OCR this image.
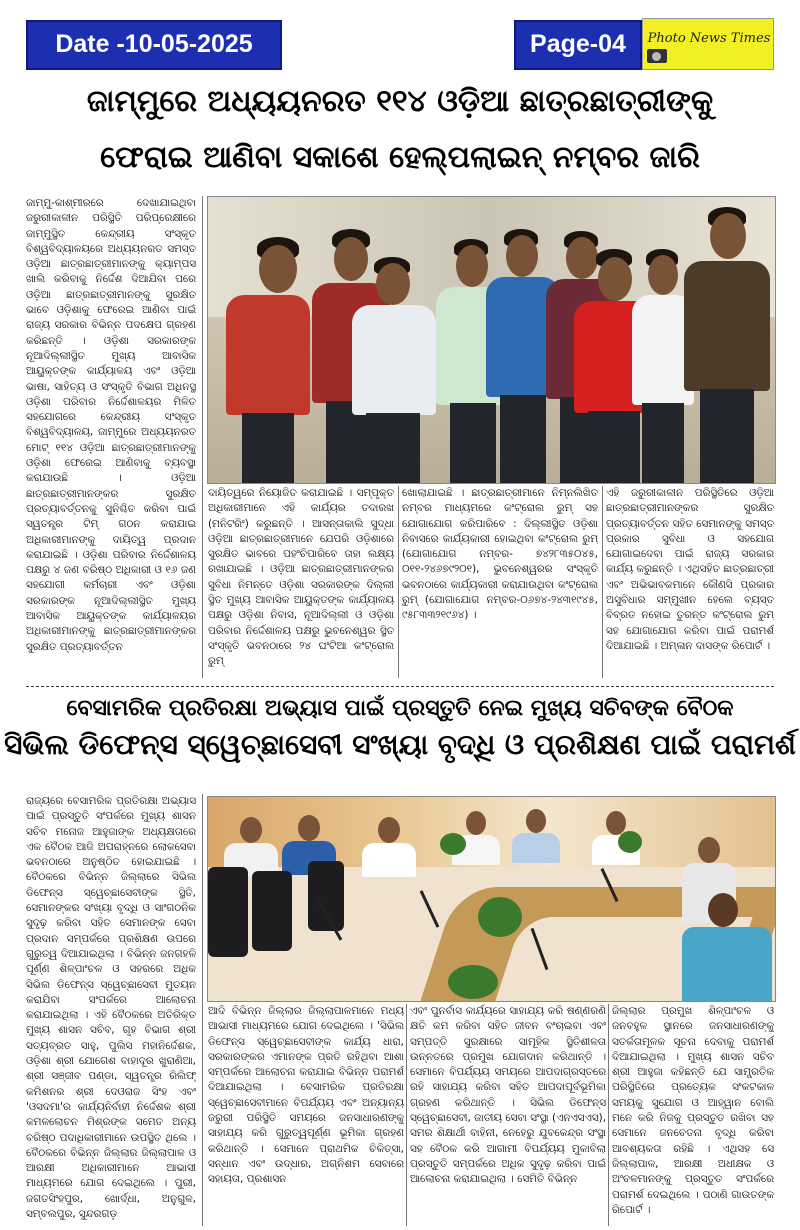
Date -10-05-2025	Page-04	Photo News Times
ଜାମ୍ମୁରେ ଅଧ୍ୟୟନରତ ୧୧୪ ଓଡ଼ିଆ ଛାତ୍ରଛାତ୍ରୀଙ୍କୁ
ଫେରାଇ ଆଣିବା ସକାଶେ ହେଲ୍‌ପଲାଇନ୍ ନମ୍ବର ଜାରି
ଜାମ୍ମୁ-କାଶ୍ମୀରରେ ଦେଖାଯାଇଥିବା ଜରୁରୀକାଳୀନ ପରିସ୍ଥିତି ପରିପ୍ରେକ୍ଷୀରେ ଜାମ୍ମୁସ୍ଥିତ କେନ୍ଦ୍ରୀୟ ସଂସ୍କୃତ ବିଶ୍ୱବିଦ୍ୟାଳୟରେ ଅଧ୍ୟୟନରତ ସମସ୍ତ ଓଡ଼ିଆ ଛାତ୍ରଛାତ୍ରୀମାନଙ୍କୁ କ୍ୟାମ୍ପସ ଖାଲି କରିବାକୁ ନିର୍ଦ୍ଦେଶ ଦିଆଯିବା ପରେ ଓଡ଼ିଆ ଛାତ୍ରଛାତ୍ରୀମାନଙ୍କୁ ସୁରକ୍ଷିତ ଭାବେ ଓଡ଼ିଶାକୁ ଫେରେଇ ଆଣିବା ପାଇଁ ରାଜ୍ୟ ସରକାର ବିଭିନ୍ନ ପଦକ୍ଷେପ ଗ୍ରହଣ କରିଛନ୍ତି । ଓଡ଼ିଶା ସରକାରଙ୍କ ନୂଆଦିଲ୍ଲୀସ୍ଥିତ ମୁଖ୍ୟ ଆବାସିକ ଆୟୁକ୍ତଙ୍କ କାର୍ଯ୍ୟାଳୟ ଏବଂ ଓଡ଼ିଆ ଭାଷା, ସାହିତ୍ୟ ଓ ସଂସ୍କୃତି ବିଭାଗ ଅଧିନସ୍ଥ ଓଡ଼ିଶା ପରିବାର ନିର୍ଦ୍ଦେଶାଳୟର ମିଳିତ ସହଯୋଗରେ କେନ୍ଦ୍ରୀୟ ସଂସ୍କୃତ ବିଶ୍ୱବିଦ୍ୟାଳୟ, ଜାମ୍ମୁରେ ଅଧ୍ୟୟନରତ ମୋଟ୍ ୧୧୪ ଓଡ଼ିଆ ଛାତ୍ରଛାତ୍ରୀମାନଙ୍କୁ ଓଡ଼ିଶା ଫେରେଇ ଆଣିବାକୁ ବ୍ୟବସ୍ଥା କରାଯାଉଛି । ଓଡ଼ିଆ ଛାତ୍ରଛାତ୍ରୀମାନଙ୍କର ସୁରକ୍ଷିତ ପ୍ରତ୍ୟାବର୍ତ୍ତନକୁ ସୁନିଶ୍ଚିତ କରିବା ପାଇଁ ସ୍ୱତନ୍ତ୍ର ଟିମ୍ ଗଠନ କରାଯାଇ ଅଧିକାରୀମାନଙ୍କୁ ଦାୟିତ୍ୱ ପ୍ରଦାନ କରାଯାଇଛି । ଓଡ଼ିଶା ପରିବାର ନିର୍ଦ୍ଦେଶାଳୟ ପକ୍ଷରୁ ୪ ଜଣ ବରିଷ୍ଠ ଅଧିକାରୀ ଓ ୧୬ ଜଣ ସହଯୋଗୀ କର୍ମଚାରୀ ଏବଂ ଓଡ଼ିଶା ସରକାରଙ୍କ ନୂଆଦିଲ୍ଲୀସ୍ଥିତ ମୁଖ୍ୟ ଆବାସିକ ଆୟୁକ୍ତଙ୍କ କାର୍ଯ୍ୟାଳୟର ଅଧିକାରୀମାନଙ୍କୁ ଛାତ୍ରଛାତ୍ରୀମାନଙ୍କର ସୁରକ୍ଷିତ ପ୍ରତ୍ୟାବର୍ତ୍ତନ
ଦାୟିତ୍ୱରେ ନିୟୋଜିତ କରାଯାଇଛି । ସମ୍ପୃକ୍ତ ଅଧିକାରୀମାନେ ଏହି କାର୍ଯ୍ୟର ତଦାରଖ (ମନିଟରିଂ) କରୁଛନ୍ତି । ଆସନ୍ତାକାଲି ସୁଦ୍ଧା ଓଡ଼ିଆ ଛାତ୍ରଛାତ୍ରୀମାନେ ଯେପରି ଓଡ଼ିଶାରେ ସୁରକ୍ଷିତ ଭାବରେ ପହଂଚିପାରିବେ ତାହା ଲକ୍ଷ୍ୟ ରଖାଯାଇଛି । ଓଡ଼ିଆ ଛାତ୍ରଛାତ୍ରୀମାନଙ୍କର ସୁବିଧା ନିମନ୍ତେ ଓଡ଼ିଶା ସରକାରଙ୍କ ଦିଲ୍ଲୀ ସ୍ଥିତ ମୁଖ୍ୟ ଆବାସିକ ଆୟୁକ୍ତଙ୍କ କାର୍ଯ୍ୟାଳୟ ପକ୍ଷରୁ ଓଡ଼ିଶା ନିବାସ, ନୂଆଦିଲ୍ଲୀ ଓ ଓଡ଼ିଶା ପରିବାର ନିର୍ଦ୍ଦେଶାଳୟ ପକ୍ଷରୁ ଭୁବନେଶ୍ୱର ସ୍ଥିତ ସଂସ୍କୃତି ଭବନଠାରେ ୨୪ ଘଂଟିଆ କଂଟ୍ରୋଲ ରୁମ୍
ଖୋଲାଯାଇଛି । ଛାତ୍ରଛାତ୍ରୀମାନେ ନିମ୍ନଲିଖିତ ନମ୍ବର ମାଧ୍ୟମରେ କଂଟ୍ରୋଲ ରୁମ୍ ସହ ଯୋଗାଯୋଗ କରିପାରିବେ : ଦିଲ୍ଲୀସ୍ଥିତ ଓଡ଼ିଶା ନିବାସରେ କାର୍ଯ୍ୟକାରୀ ହୋଇଥିବା କଂଟ୍ରୋଲ ରୁମ୍ (ଯୋଗାଯୋଗ ନମ୍ବର- ୭୪୨୮୩୫୦୪୫, ୦୧୧-୨୪୬୭୯୨୦୧), ଭୁବନେଶ୍ୱରର ସଂସ୍କୃତି ଭବନଠାରେ କାର୍ଯ୍ୟକାରୀ କରାଯାଉଥିବା କଂଟ୍ରୋଲ ରୁମ୍ (ଯୋଗାଯୋଗ ନମ୍ବର-୦୬୭୪-୨୪୩୧୯୪୫, ୯୫୮୩୩୨୧୯୬୪) ।
ଏହି ଜରୁରୀକାଳୀନ ପରିସ୍ଥିତିରେ ଓଡ଼ିଆ ଛାତ୍ରଛାତ୍ରୀମାନଙ୍କର ସୁରକ୍ଷିତ ପ୍ରତ୍ୟାବର୍ତ୍ତନ ସହିତ ସେମାନଙ୍କୁ ସମସ୍ତ ପ୍ରକାର ସୁବିଧା ଓ ସହଯୋଗ ଯୋଗାଇଦେବା ପାଇଁ ରାଜ୍ୟ ସରକାର କାର୍ଯ୍ୟ କରୁଛନ୍ତି । ଏଥିସହିତ ଛାତ୍ରଛାତ୍ରୀ ଏବଂ ଅଭିଭାବକମାନେ କୌଣସି ପ୍ରକାର ଅସୁବିଧାର ସମ୍ମୁଖୀନ ହେଲେ ବ୍ୟସ୍ତ ବିବ୍ରତ ନହୋଇ ତୁରନ୍ତ କଂଟ୍ରୋଲ ରୁମ୍ ସହ ଯୋଗାଯୋଗ କରିବା ପାଇଁ ପରାମର୍ଶ ଦିଆଯାଇଛି । ଅମ୍ଳାନ ଦାସଙ୍କ ରିପୋର୍ଟ ।
ବେସାମରିକ ପ୍ରତିରକ୍ଷା ଅଭ୍ୟାସ ପାଇଁ ପ୍ରସ୍ତୁତି ନେଇ ମୁଖ୍ୟ ସଚିବଙ୍କ ବୈଠକ
ସିଭିଲ ଡିଫେନ୍ସ ସ୍ୱେଚ୍ଛାସେବୀ ସଂଖ୍ୟା ବୃଦ୍ଧି ଓ ପ୍ରଶିକ୍ଷଣ ପାଇଁ ପରାମର୍ଶ
ରାଜ୍ୟରେ ବେସାମରିକ ପ୍ରତିରକ୍ଷା ଅଭ୍ୟାସ ପାଇଁ ପ୍ରସ୍ତୁତି ସଂପର୍କରେ ମୁଖ୍ୟ ଶାସନ ସଚିବ ମନୋଜ ଆହୁଜାଙ୍କ ଅଧ୍ୟକ୍ଷତାରେ ଏକ ବୈଠକ ଆଜି ଅପରାହ୍ନରେ ଲୋକସେବା ଭବନଠାରେ ଅନୁଷ୍ଠିତ ହୋଇଯାଇଛି । ବୈଠକରେ ବିଭିନ୍ନ ଜିଲ୍ଲାରେ ସିଭିଲ ଡିଫେନ୍ସ ସ୍ୱେଚ୍ଛାସେବୀଙ୍କ ସ୍ଥିତି, ସେମାନଙ୍କର ସଂଖ୍ୟା ବୃଦ୍ଧି ଓ ସାଂଗଠନିକ ସୁଦୃଢ଼ କରିବା ସହିତ ସେମାନଙ୍କ ସେବା ପ୍ରଦାନ ସମ୍ପର୍କରେ ପ୍ରଶିକ୍ଷଣ ଉପରେ ଗୁରୁତ୍ୱ ଦିଆଯାଇଥିଲା । ବିଭିନ୍ନ ଜନଗହଳି ପୂର୍ଣ୍ଣ ଶିଳ୍ପାଂଚଳ ଓ ସହରରେ ଅଧିକ ସିଭିଲ ଡିଫେନ୍ସ ସ୍ୱେଚ୍ଛାସେବୀ ମୁତୟନ କରାଯିବା ସଂପର୍କରେ ଆଲୋଚନା କରାଯାଇଥିଲା । ଏହି ବୈଠକରେ ଅତିରିକ୍ତ ମୁଖ୍ୟ ଶାସନ ସଚିବ, ଗୃହ ବିଭାଗ ଶ୍ରୀ ସତ୍ୟବ୍ରତ ସାହୁ, ପୁଲିସ ମହାନିର୍ଦ୍ଦେଶକ, ଓଡ଼ିଶା ଶ୍ରୀ ଯୋଗେଶ ବାହାଦୂର ଖୁରାଣିଆ, ଶ୍ରୀ ସଞ୍ଜୀବ ପଣ୍ଡା, ସ୍ୱତନ୍ତ୍ର ରିଲିଫ୍ କମିଶନର ଶ୍ରୀ ଦେଓରାଜ ସିଂହ ଏବଂ 'ଓସଦମା'ର କାର୍ଯ୍ୟନିର୍ବାହୀ ନିର୍ଦ୍ଦେଶକ ଶ୍ରୀ କମଳଲୋଚନ ମିଶ୍ରଙ୍କ ସମେତ ଅନ୍ୟ ବରିଷ୍ଠ ପଦାଧିକାରୀମାନେ ଉପସ୍ଥିତ ଥିଲେ । ବୈଠକରେ ବିଭିନ୍ନ ଜିଲ୍ଲାର ଜିଲ୍ଲାପାଳ ଓ ଆରକ୍ଷୀ ଅଧିକାରୀମାନେ ଆଭାସୀ ମାଧ୍ୟମରେ ଯୋଗ ଦେଇଥିଲେ । ପୁରୀ, ଜଗତସିଂହପୁର, ଖୋର୍ଦ୍ଧା, ଅନୁଗୁଳ, ସମ୍ବଲପୁର, ସୁନ୍ଦରଗଡ଼
ଆଦି ବିଭିନ୍ନ ଜିଲ୍ଲାର ଜିଲ୍ଲାପାଳମାନେ ମଧ୍ୟ ଆଭାସୀ ମାଧ୍ୟମରେ ଯୋଗ ଦେଇଥିଲେ । 'ସିଭିଲ ଡିଫେନ୍ସ ସ୍ୱେଚ୍ଛାସେବୀଙ୍କ କାର୍ଯ୍ୟ ଧାରା, ସରକାରଙ୍କର ଏମାନଙ୍କ ପ୍ରତି ରହିଥିବା ଆଶା ସମ୍ପର୍କରେ ଆଲୋଚନା କରାଯାଇ ବିଭିନ୍ନ ପରାମର୍ଶ ଦିଆଯାଇଥିଲା । ବେସାମରିକ ପ୍ରତିରକ୍ଷା ସ୍ୱେଚ୍ଛାସେବୀମାନେ ବିପର୍ଯ୍ୟୟ ଏବଂ ଅନ୍ୟାନ୍ୟ ଜରୁରୀ ପରିସ୍ଥିତି ସମୟରେ ଜନସାଧାରଣଙ୍କୁ ସାହାଯ୍ୟ କରି ଗୁରୁତ୍ୱପୂର୍ଣ୍ଣ ଭୂମିକା ଗ୍ରହଣ କରିଥାନ୍ତି । ସେମାନେ ପ୍ରାଥମିକ ଚିକିତ୍ସା, ସନ୍ଧାନ ଏବଂ ଉଦ୍ଧାର, ଅଗ୍ନିଶମ ସେବାରେ ସହାୟତା, ପ୍ରଶାସନ
ଏବଂ ପୁନର୍ବାସ କାର୍ଯ୍ୟରେ ସାହାଯ୍ୟ କରି ଷଣ୍ଣରଣି କ୍ଷତି କମ କରିବା ସହିତ ଜୀବନ ବଂଚାଇବା ଏବଂ ସମ୍ପତ୍ତି ସୁରକ୍ଷାରେ ସାମୂହିକ ସ୍ଥିତିଶୀଳତା ଉନ୍ନତରେ ପ୍ରମୁଖ ଯୋଗଦାନ କରିଥାନ୍ତି । ସେମାନେ ବିପର୍ଯ୍ୟୟ ସମୟରେ ଆପଦାଗ୍ରସ୍ତରେ ରହି ସାହାଯ୍ୟ କରିବା ସହିତ ଆପଦାପୂର୍ବଭୂମିକା ଗ୍ରହଣ କରିଥାନ୍ତି । ସିଭିଲ ଡିଫେନ୍ସ ସ୍ୱେଚ୍ଛାସେବୀ, ଜାତୀୟ ସେବା ସଂସ୍ଥା (ଏନଏସଏସ), ସମର ଶିକ୍ଷାର୍ଥୀ ବାହିନୀ, ନେହେରୁ ଯୁବକେନ୍ଦ୍ର ସଂସ୍ଥା ସହ ବୈଠକ କରି ଆଗାମୀ ବିପର୍ଯ୍ୟୟ ମୁକାବିଲା ପ୍ରସ୍ତୁତି ସମ୍ପର୍କରେ ଅଧିକ ସୁଦୃଢ଼ କରିବା ପାଇଁ ଆଲୋଚନା କରାଯାଇଥିଲା । ସେମିତି ବିଭିନ୍ନ
ଜିଲ୍ଲାର ପ୍ରମୁଖ ଶିଳ୍ପାଂଚଳ ଓ ଜନବହୁଳ ସ୍ଥାନରେ ଜନସାଧାରଣଙ୍କୁ ସତର୍କତାମୂଳକ ସୂଚନା ଦେବାକୁ ପରାମର୍ଶ ଦିଆଯାଇଥିଲା । ମୁଖ୍ୟ ଶାସନ ସଚିବ ଶ୍ରୀ ଆହୁଜା କହିଛନ୍ତି ଯେ ସାମ୍ପ୍ରତିକ ପରିସ୍ଥିତିରେ ପ୍ରତ୍ୟେକ ସଂକଟକାଳ ସମୟକୁ ସୁଯୋଗ ଓ ଆହ୍ୱାନ ବୋଲି ମନେ କରି ନିଜକୁ ପ୍ରସ୍ତୁତ ରଖିବା ସହ ସେମାନେ ଜନଚେତନା ବୃଦ୍ଧି କରିବା ଆବଶ୍ୟକତା ରହିଛି । ଏଥିସହ ସେ ଜିଲ୍ଲାପାଳ, ଆରକ୍ଷୀ ଅଧୀକ୍ଷକ ଓ ଅଂଚଳମାନଙ୍କୁ ପ୍ରସ୍ତୁତ ସଂପର୍କରେ ପରାମର୍ଶ ଦେଇଥିଲେ । ପଠାଣି ଗାଉତଙ୍କ ରିପୋର୍ଟ ।
